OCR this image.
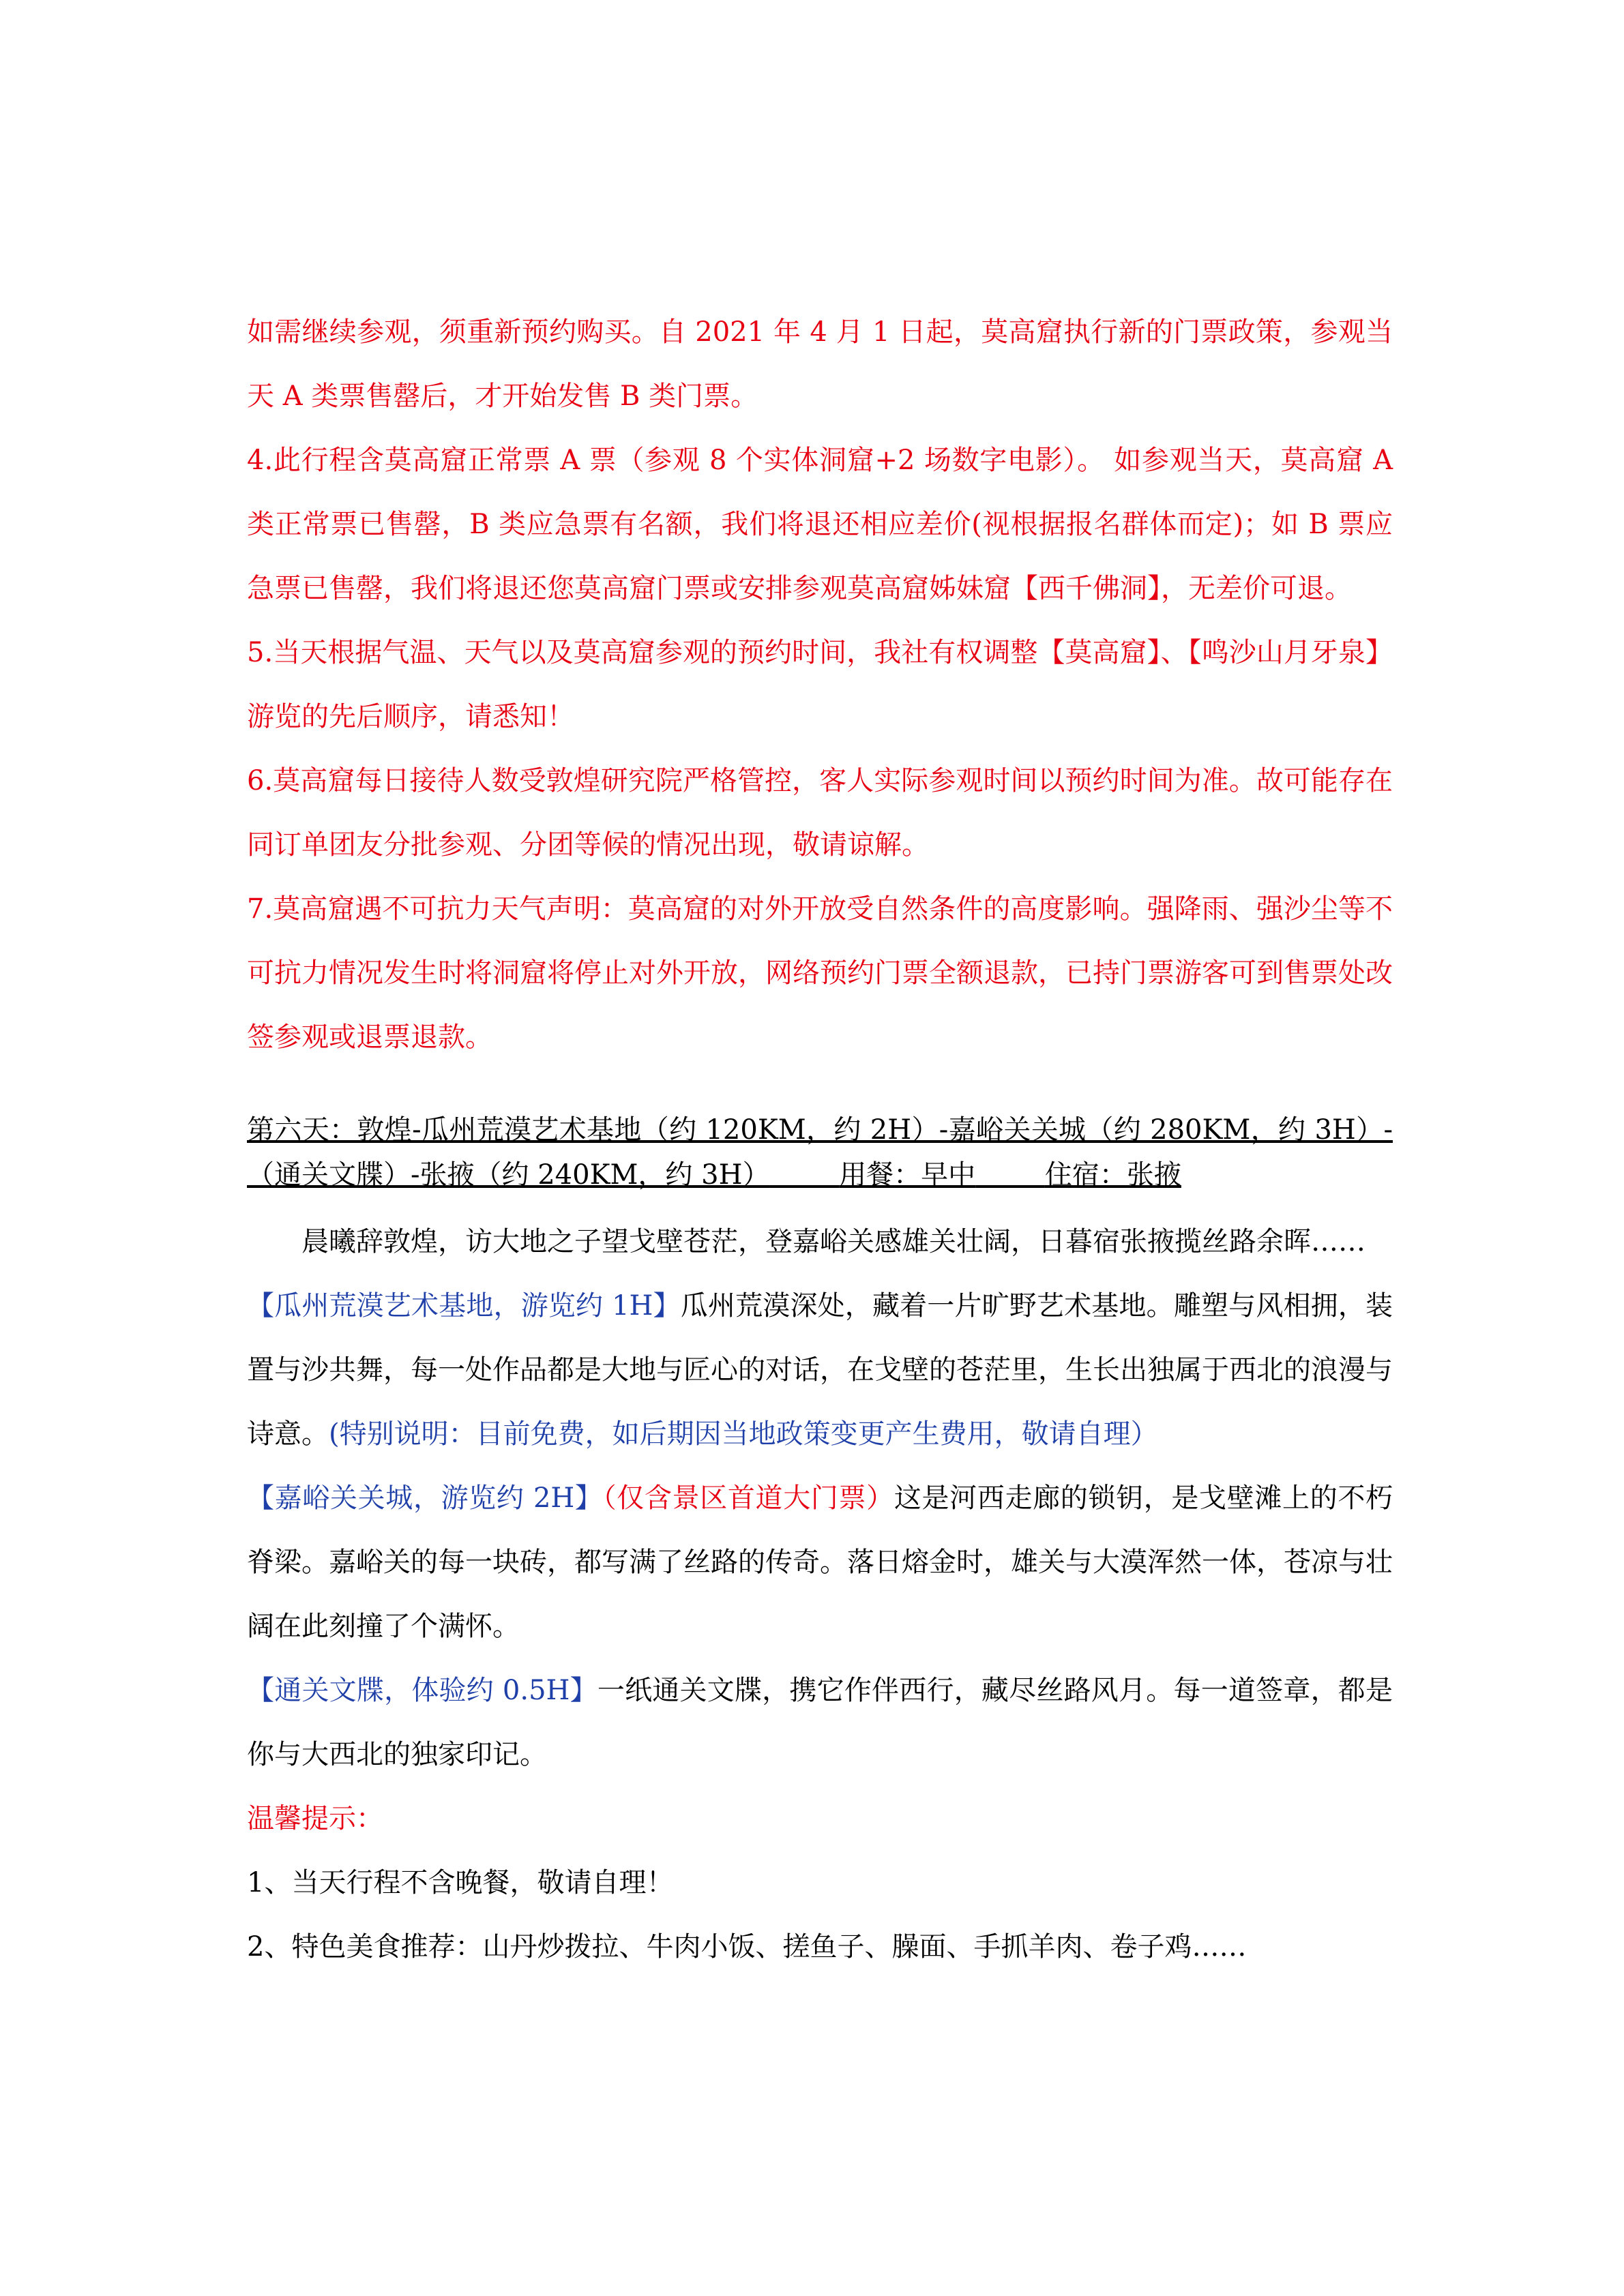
如需继续参观，须重新预约购买。自 2021 年 4 月 1 日起，莫高窟执行新的门票政策，参观当天 A 类票售罄后，才开始发售 B 类门票。

4.此行程含莫高窟正常票 A 票（参观 8 个实体洞窟+2 场数字电影）。 如参观当天，莫高窟 A 类正常票已售罄，B 类应急票有名额，我们将退还相应差价(视根据报名群体而定)；如 B 票应急票已售罄，我们将退还您莫高窟门票或安排参观莫高窟姊妹窟【西千佛洞】，无差价可退。

5.当天根据气温、天气以及莫高窟参观的预约时间，我社有权调整【莫高窟】、【鸣沙山月牙泉】游览的先后顺序，请悉知！

6.莫高窟每日接待人数受敦煌研究院严格管控，客人实际参观时间以预约时间为准。故可能存在同订单团友分批参观、分团等候的情况出现，敬请谅解。

7.莫高窟遇不可抗力天气声明：莫高窟的对外开放受自然条件的高度影响。强降雨、强沙尘等不可抗力情况发生时将洞窟将停止对外开放，网络预约门票全额退款，已持门票游客可到售票处改签参观或退票退款。

第六天：敦煌-瓜州荒漠艺术基地（约 120KM，约 2H）-嘉峪关关城（约 280KM，约 3H）-（通关文牒）-张掖（约 240KM，约 3H）	用餐：早中	住宿：张掖

晨曦辞敦煌，访大地之子望戈壁苍茫，登嘉峪关感雄关壮阔，日暮宿张掖揽丝路余晖……

【瓜州荒漠艺术基地，游览约 1H】瓜州荒漠深处，藏着一片旷野艺术基地。雕塑与风相拥，装置与沙共舞，每一处作品都是大地与匠心的对话，在戈壁的苍茫里，生长出独属于西北的浪漫与诗意。(特别说明：目前免费，如后期因当地政策变更产生费用，敬请自理）

【嘉峪关关城，游览约 2H】（仅含景区首道大门票）这是河西走廊的锁钥，是戈壁滩上的不朽脊梁。嘉峪关的每一块砖，都写满了丝路的传奇。落日熔金时，雄关与大漠浑然一体，苍凉与壮阔在此刻撞了个满怀。

【通关文牒，体验约 0.5H】一纸通关文牒，携它作伴西行，藏尽丝路风月。每一道签章，都是你与大西北的独家印记。

温馨提示：

1、当天行程不含晚餐，敬请自理！

2、特色美食推荐：山丹炒拨拉、牛肉小饭、搓鱼子、臊面、手抓羊肉、卷子鸡……
